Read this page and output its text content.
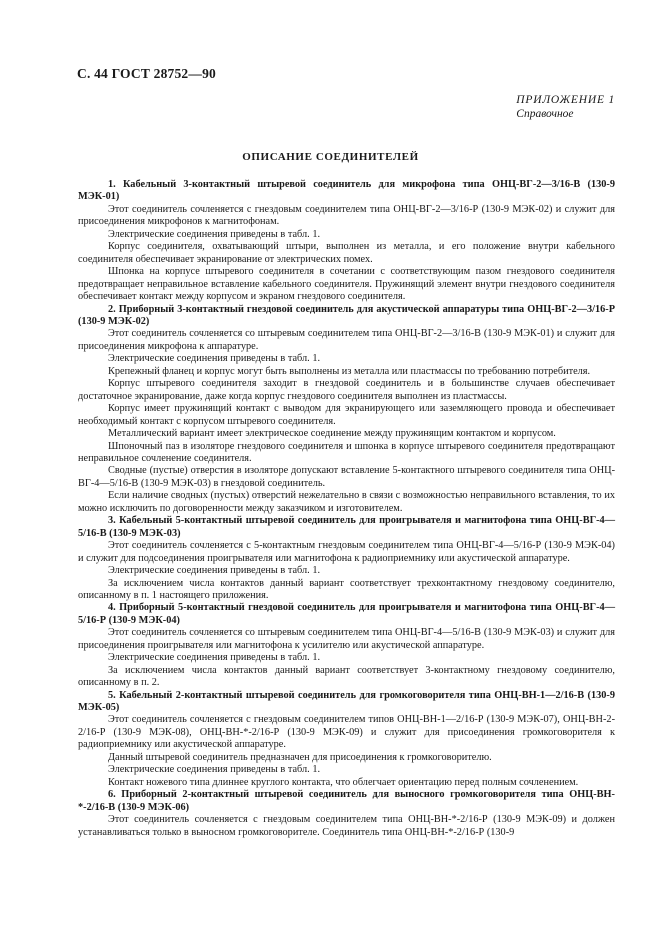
С. 44 ГОСТ 28752—90
ПРИЛОЖЕНИЕ 1
Справочное
ОПИСАНИЕ СОЕДИНИТЕЛЕЙ

1. Кабельный 3-контактный штыревой соединитель для микрофона типа ОНЦ-ВГ-2—3/16-В (130-9 МЭК-01)

Этот соединитель сочленяется с гнездовым соединителем типа ОНЦ-ВГ-2—3/16-Р (130-9 МЭК-02) и служит для присоединения микрофонов к магнитофонам.

Электрические соединения приведены в табл. 1.

Корпус соединителя, охватывающий штыри, выполнен из металла, и его положение внутри кабельного соединителя обеспечивает экранирование от электрических помех.

Шпонка на корпусе штыревого соединителя в сочетании с соответствующим пазом гнездового соединителя предотвращает неправильное вставление кабельного соединителя. Пружинящий элемент внутри гнездового соединителя обеспечивает контакт между корпусом и экраном гнездового соединителя.

2. Приборный 3-контактный гнездовой соединитель для акустической аппаратуры типа ОНЦ-ВГ-2—3/16-Р (130-9 МЭК-02)

Этот соединитель сочленяется со штыревым соединителем типа ОНЦ-ВГ-2—3/16-В (130-9 МЭК-01) и служит для присоединения микрофона к аппаратуре.

Электрические соединения приведены в табл. 1.

Крепежный фланец и корпус могут быть выполнены из металла или пластмассы по требованию потребителя.

Корпус штыревого соединителя заходит в гнездовой соединитель и в большинстве случаев обеспечивает достаточное экранирование, даже когда корпус гнездового соединителя выполнен из пластмассы.

Корпус имеет пружинящий контакт с выводом для экранирующего или заземляющего провода и обеспечивает необходимый контакт с корпусом штыревого соединителя.

Металлический вариант имеет электрическое соединение между пружинящим контактом и корпусом.

Шпоночный паз в изоляторе гнездового соединителя и шпонка в корпусе штыревого соединителя предотвращают неправильное сочленение соединителя.

Сводные (пустые) отверстия в изоляторе допускают вставление 5-контактного штыревого соединителя типа ОНЦ-ВГ-4—5/16-В (130-9 МЭК-03) в гнездовой соединитель.

Если наличие сводных (пустых) отверстий нежелательно в связи с возможностью неправильного вставления, то их можно исключить по договоренности между заказчиком и изготовителем.

3. Кабельный 5-контактный штыревой соединитель для проигрывателя и магнитофона типа ОНЦ-ВГ-4—5/16-В (130-9 МЭК-03)

Этот соединитель сочленяется с 5-контактным гнездовым соединителем типа ОНЦ-ВГ-4—5/16-Р (130-9 МЭК-04) и служит для подсоединения проигрывателя или магнитофона к радиоприемнику или акустической аппаратуре.

Электрические соединения приведены в табл. 1.

За исключением числа контактов данный вариант соответствует трехконтактному гнездовому соединителю, описанному в п. 1 настоящего приложения.

4. Приборный 5-контактный гнездовой соединитель для проигрывателя и магнитофона типа ОНЦ-ВГ-4—5/16-Р (130-9 МЭК-04)

Этот соединитель сочленяется со штыревым соединителем типа ОНЦ-ВГ-4—5/16-В (130-9 МЭК-03) и служит для присоединения проигрывателя или магнитофона к усилителю или акустической аппаратуре.

Электрические соединения приведены в табл. 1.

За исключением числа контактов данный вариант соответствует 3-контактному гнездовому соединителю, описанному в п. 2.

5. Кабельный 2-контактный штыревой соединитель для громкоговорителя типа ОНЦ-ВН-1—2/16-В (130-9 МЭК-05)

Этот соединитель сочленяется с гнездовым соединителем типов ОНЦ-ВН-1—2/16-Р (130-9 МЭК-07), ОНЦ-ВН-2-2/16-Р (130-9 МЭК-08), ОНЦ-ВН-*-2/16-Р (130-9 МЭК-09) и служит для присоединения громкоговорителя к радиоприемнику или акустической аппаратуре.

Данный штыревой соединитель предназначен для присоединения к громкоговорителю.

Электрические соединения приведены в табл. 1.

Контакт ножевого типа длиннее круглого контакта, что облегчает ориентацию перед полным сочленением.

6. Приборный 2-контактный штыревой соединитель для выносного громкоговорителя типа ОНЦ-ВН-*-2/16-В (130-9 МЭК-06)

Этот соединитель сочленяется с гнездовым соединителем типа ОНЦ-ВН-*-2/16-Р (130-9 МЭК-09) и должен устанавливаться только в выносном громкоговорителе. Соединитель типа ОНЦ-ВН-*-2/16-Р (130-9
